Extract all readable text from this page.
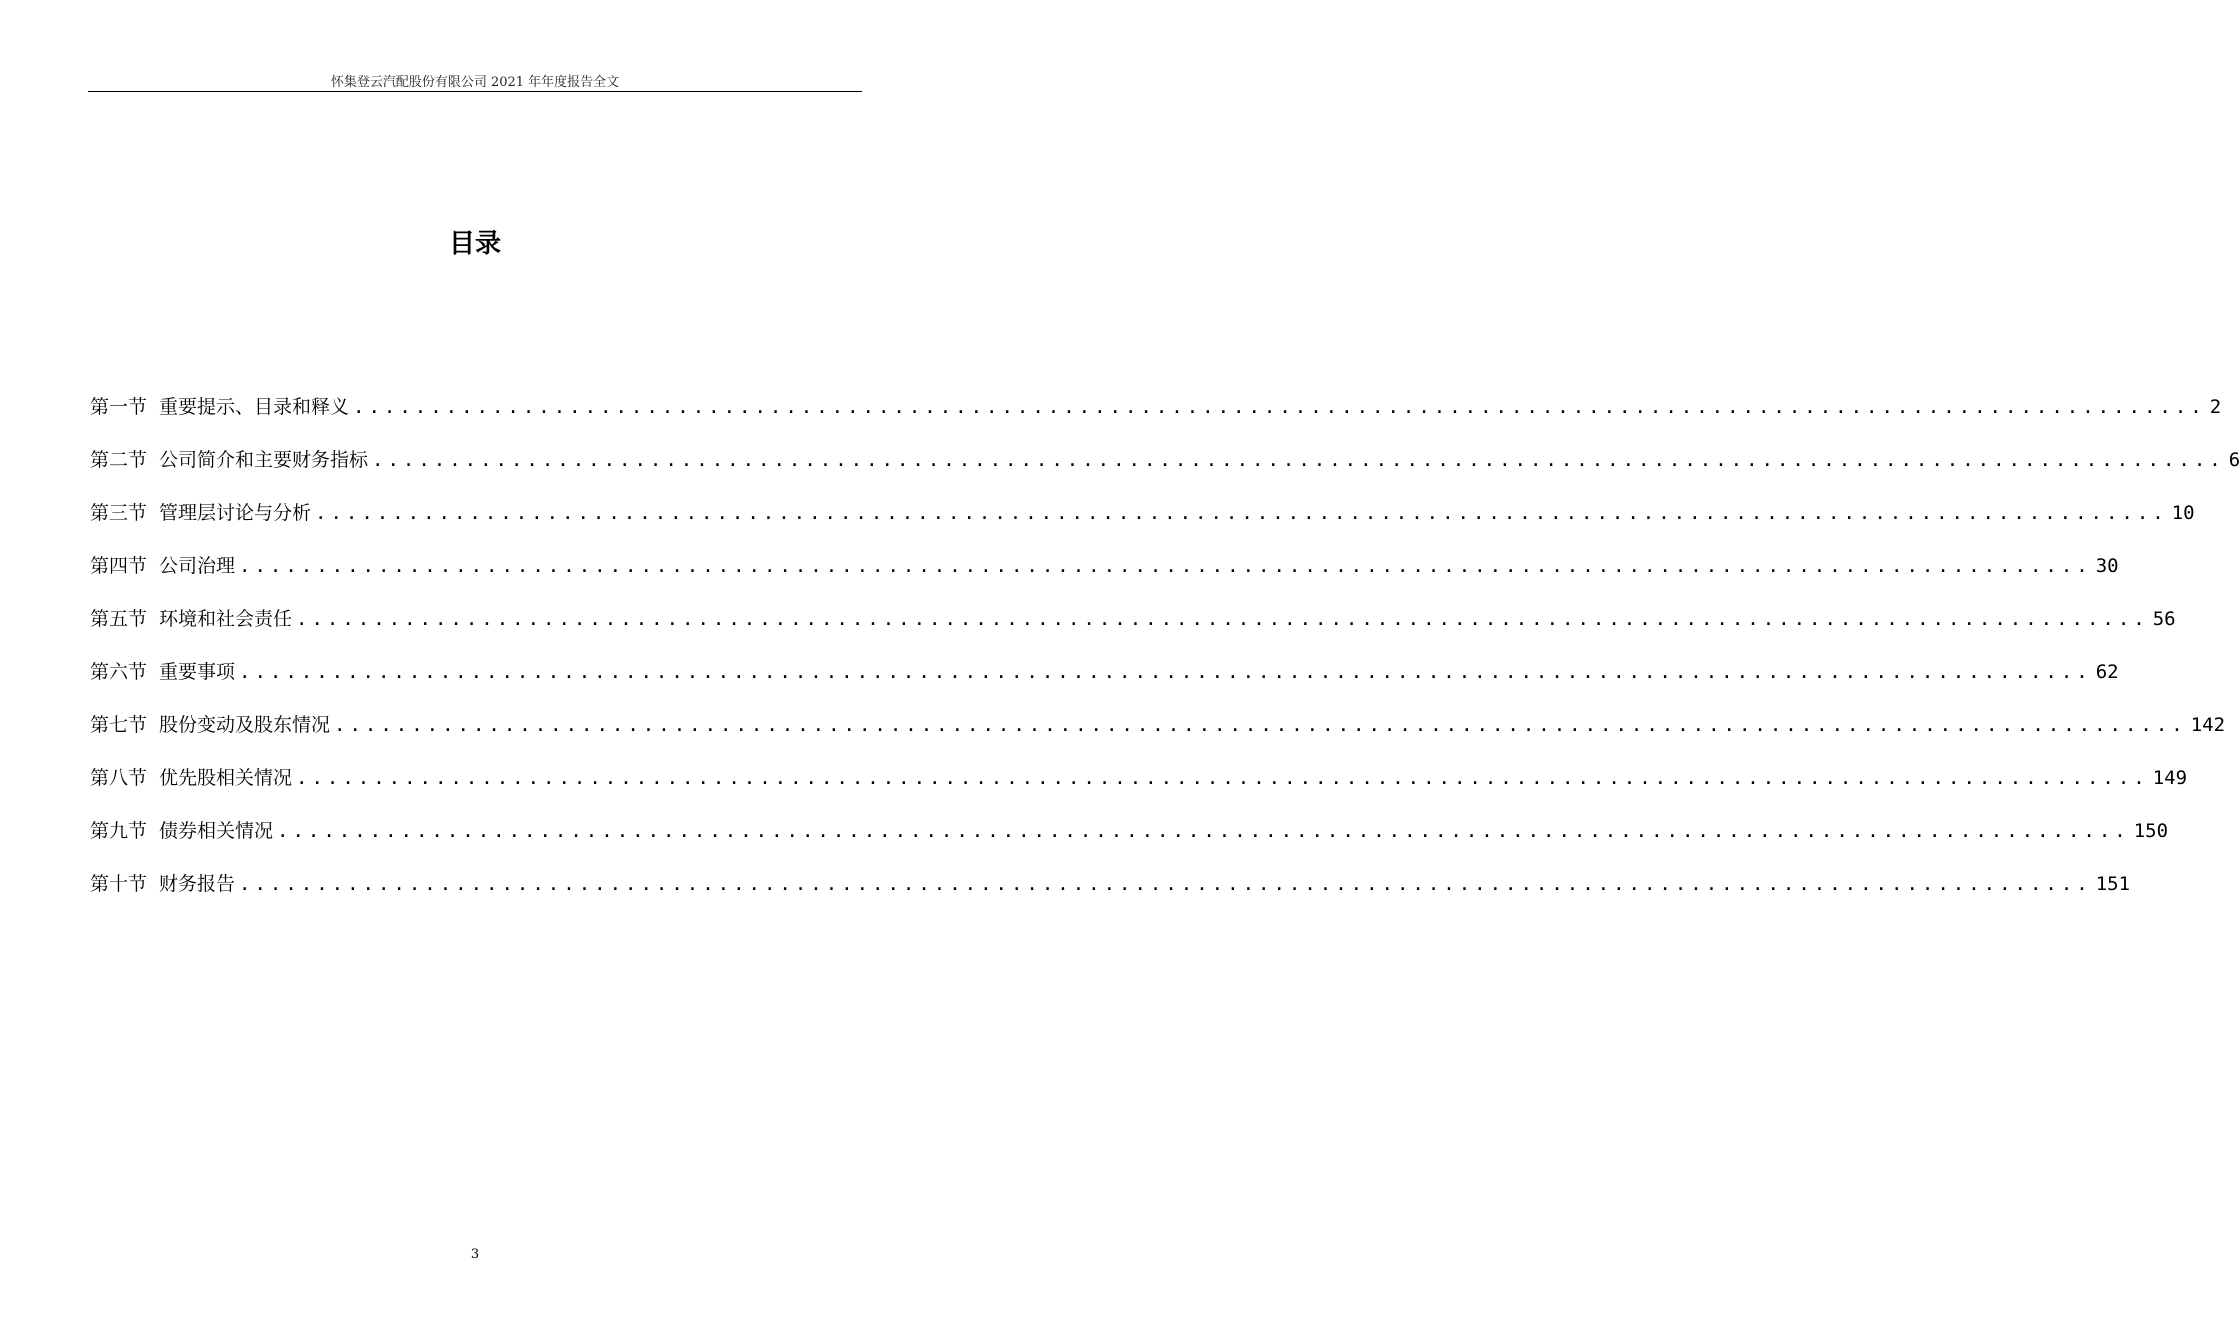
怀集登云汽配股份有限公司 2021 年年度报告全文
目录
第一节 重要提示、目录和释义 ........................................................................................................................ 2
第二节 公司简介和主要财务指标 ........................................................................................................................ 6
第三节 管理层讨论与分析 ........................................................................................................................ 10
第四节 公司治理 ........................................................................................................................ 30
第五节 环境和社会责任 ........................................................................................................................ 56
第六节 重要事项 ........................................................................................................................ 62
第七节 股份变动及股东情况 ........................................................................................................................ 142
第八节 优先股相关情况 ........................................................................................................................ 149
第九节 债券相关情况 ........................................................................................................................ 150
第十节 财务报告 ........................................................................................................................ 151
3
